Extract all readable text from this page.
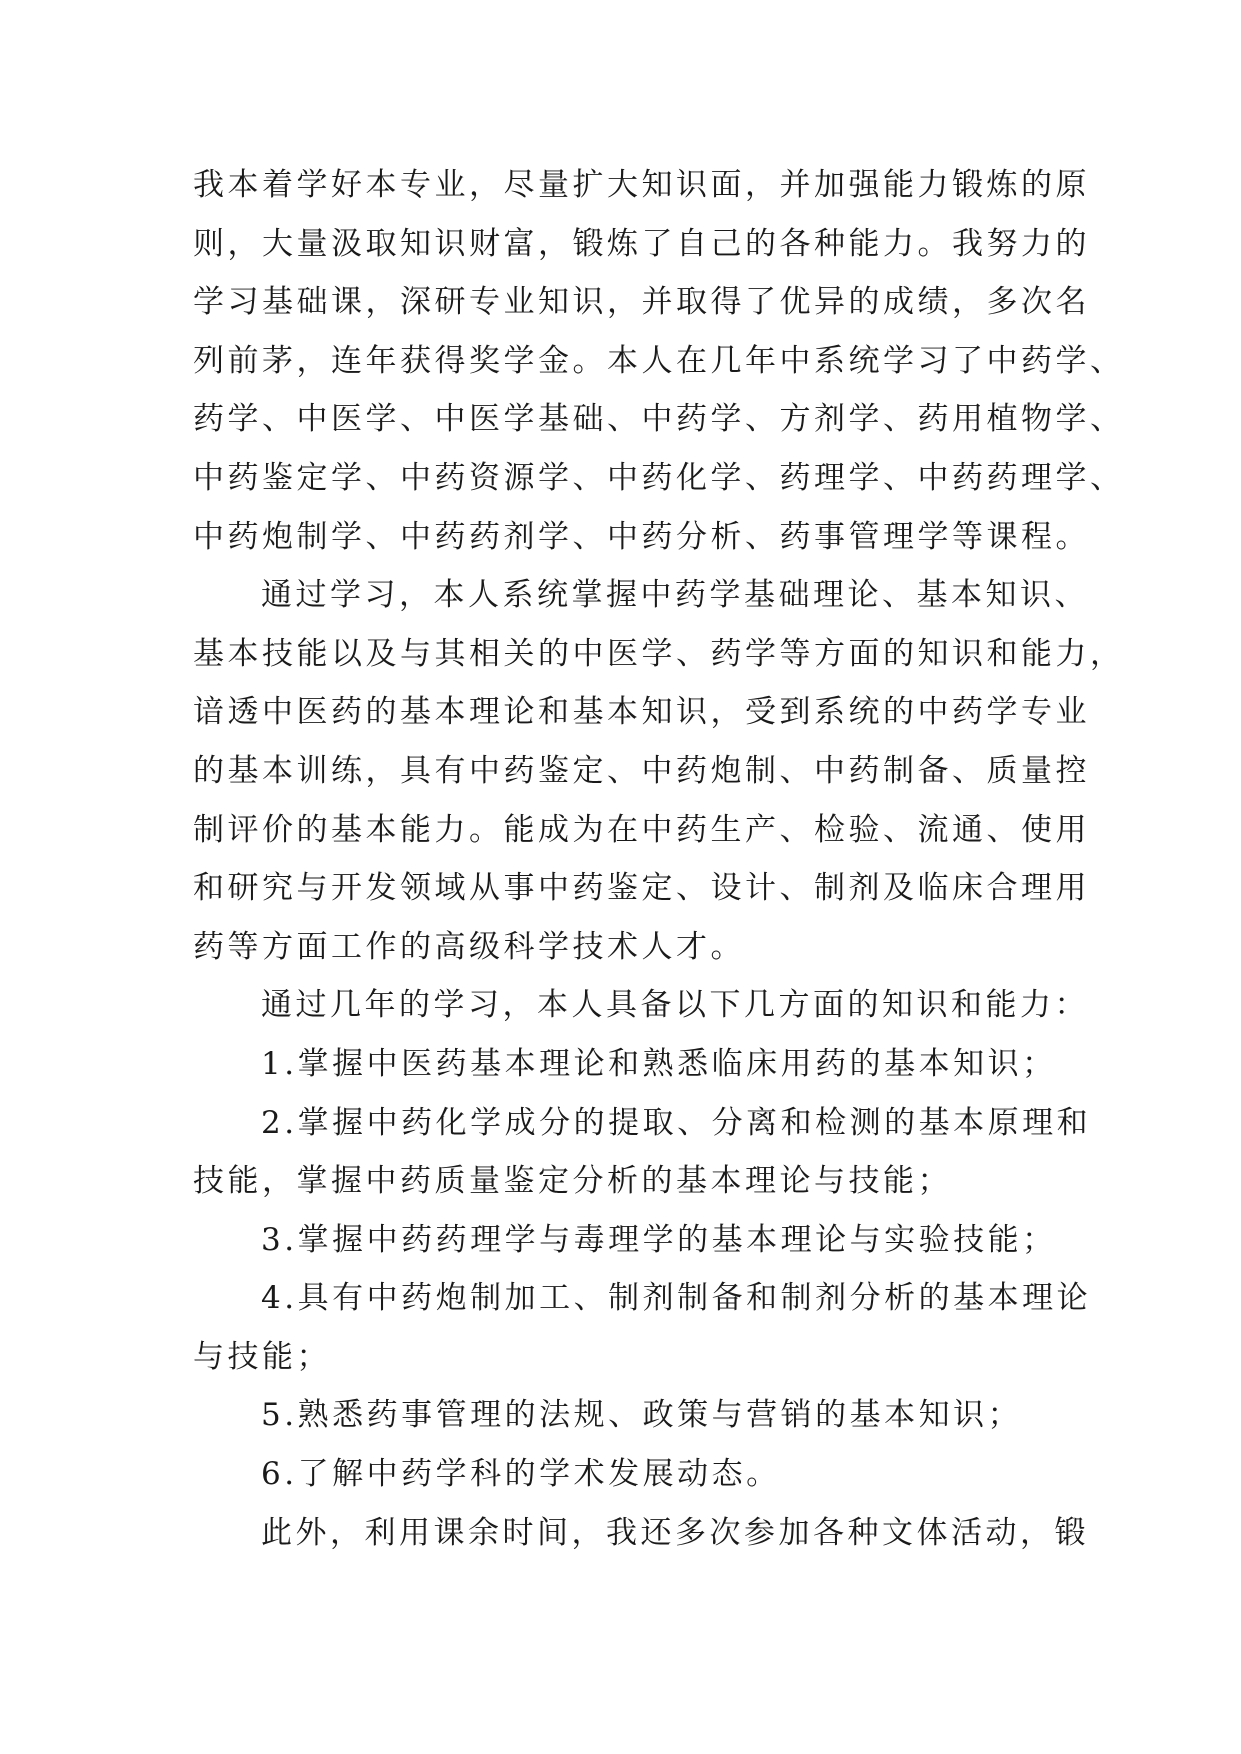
我本着学好本专业，尽量扩大知识面，并加强能力锻炼的原
则，大量汲取知识财富，锻炼了自己的各种能力。我努力的
学习基础课，深研专业知识，并取得了优异的成绩，多次名
列前茅，连年获得奖学金。本人在几年中系统学习了中药学、
药学、中医学、中医学基础、中药学、方剂学、药用植物学、
中药鉴定学、中药资源学、中药化学、药理学、中药药理学、
中药炮制学、中药药剂学、中药分析、药事管理学等课程。
通过学习，本人系统掌握中药学基础理论、基本知识、
基本技能以及与其相关的中医学、药学等方面的知识和能力，
谙透中医药的基本理论和基本知识，受到系统的中药学专业
的基本训练，具有中药鉴定、中药炮制、中药制备、质量控
制评价的基本能力。能成为在中药生产、检验、流通、使用
和研究与开发领域从事中药鉴定、设计、制剂及临床合理用
药等方面工作的高级科学技术人才。
通过几年的学习，本人具备以下几方面的知识和能力：
1.掌握中医药基本理论和熟悉临床用药的基本知识；
2.掌握中药化学成分的提取、分离和检测的基本原理和
技能，掌握中药质量鉴定分析的基本理论与技能；
3.掌握中药药理学与毒理学的基本理论与实验技能；
4.具有中药炮制加工、制剂制备和制剂分析的基本理论
与技能；
5.熟悉药事管理的法规、政策与营销的基本知识；
6.了解中药学科的学术发展动态。
此外，利用课余时间，我还多次参加各种文体活动，锻
